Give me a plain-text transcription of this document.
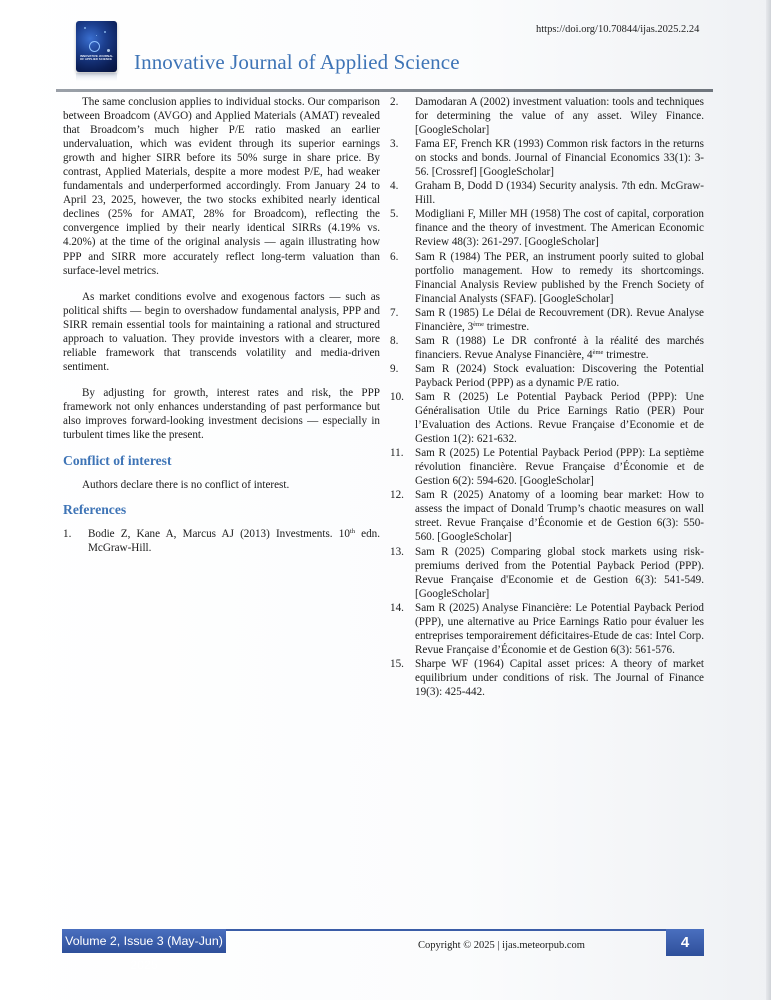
https://doi.org/10.70844/ijas.2025.2.24
INNOVATIVE JOURNAL OF APPLIED SCIENCE Innovative Journal of Applied Science

The same conclusion applies to individual stocks. Our comparison between Broadcom (AVGO) and Applied Materials (AMAT) revealed that Broadcom’s much higher P/E ratio masked an earlier undervaluation, which was evident through its superior earnings growth and higher SIRR before its 50% surge in share price. By contrast, Applied Materials, despite a more modest P/E, had weaker fundamentals and underperformed accordingly. From January 24 to April 23, 2025, however, the two stocks exhibited nearly identical declines (25% for AMAT, 28% for Broadcom), reflecting the convergence implied by their nearly identical SIRRs (4.19% vs. 4.20%) at the time of the original analysis — again illustrating how PPP and SIRR more accurately reflect long-term valuation than surface-level metrics.

As market conditions evolve and exogenous factors — such as political shifts — begin to overshadow fundamental analysis, PPP and SIRR remain essential tools for maintaining a rational and structured approach to valuation. They provide investors with a clearer, more reliable framework that transcends volatility and media-driven sentiment.

By adjusting for growth, interest rates and risk, the PPP framework not only enhances understanding of past performance but also improves forward-looking investment decisions — especially in turbulent times like the present.

Conflict of interest

Authors declare there is no conflict of interest.

References
1. Bodie Z, Kane A, Marcus AJ (2013) Investments. 10th edn. McGraw-Hill.
2. Damodaran A (2002) investment valuation: tools and techniques for determining the value of any asset. Wiley Finance. [GoogleScholar]
3. Fama EF, French KR (1993) Common risk factors in the returns on stocks and bonds. Journal of Financial Economics 33(1): 3-56. [Crossref] [GoogleScholar]
4. Graham B, Dodd D (1934) Security analysis. 7th edn. McGraw-Hill.
5. Modigliani F, Miller MH (1958) The cost of capital, corporation finance and the theory of investment. The American Economic Review 48(3): 261-297. [GoogleScholar]
6. Sam R (1984) The PER, an instrument poorly suited to global portfolio management. How to remedy its shortcomings. Financial Analysis Review published by the French Society of Financial Analysts (SFAF). [GoogleScholar]
7. Sam R (1985) Le Délai de Recouvrement (DR). Revue Analyse Financière, 3ème trimestre.
8. Sam R (1988) Le DR confronté à la réalité des marchés financiers. Revue Analyse Financière, 4ème trimestre.
9. Sam R (2024) Stock evaluation: Discovering the Potential Payback Period (PPP) as a dynamic P/E ratio.
10. Sam R (2025) Le Potential Payback Period (PPP): Une Généralisation Utile du Price Earnings Ratio (PER) Pour l’Evaluation des Actions. Revue Française d’Economie et de Gestion 1(2): 621-632.
11. Sam R (2025) Le Potential Payback Period (PPP): La septième révolution financière. Revue Française d’Économie et de Gestion 6(2): 594-620. [GoogleScholar]
12. Sam R (2025) Anatomy of a looming bear market: How to assess the impact of Donald Trump’s chaotic measures on wall street. Revue Française d’Économie et de Gestion 6(3): 550-560. [GoogleScholar]
13. Sam R (2025) Comparing global stock markets using risk-premiums derived from the Potential Payback Period (PPP). Revue Française d'Economie et de Gestion 6(3): 541-549. [GoogleScholar]
14. Sam R (2025) Analyse Financière: Le Potential Payback Period (PPP), une alternative au Price Earnings Ratio pour évaluer les entreprises temporairement déficitaires-Etude de cas: Intel Corp. Revue Française d’Économie et de Gestion 6(3): 561-576.
15. Sharpe WF (1964) Capital asset prices: A theory of market equilibrium under conditions of risk. The Journal of Finance 19(3): 425-442.
Volume 2, Issue 3 (May-Jun) 2025
Copyright © 2025 | ijas.meteorpub.com	4
